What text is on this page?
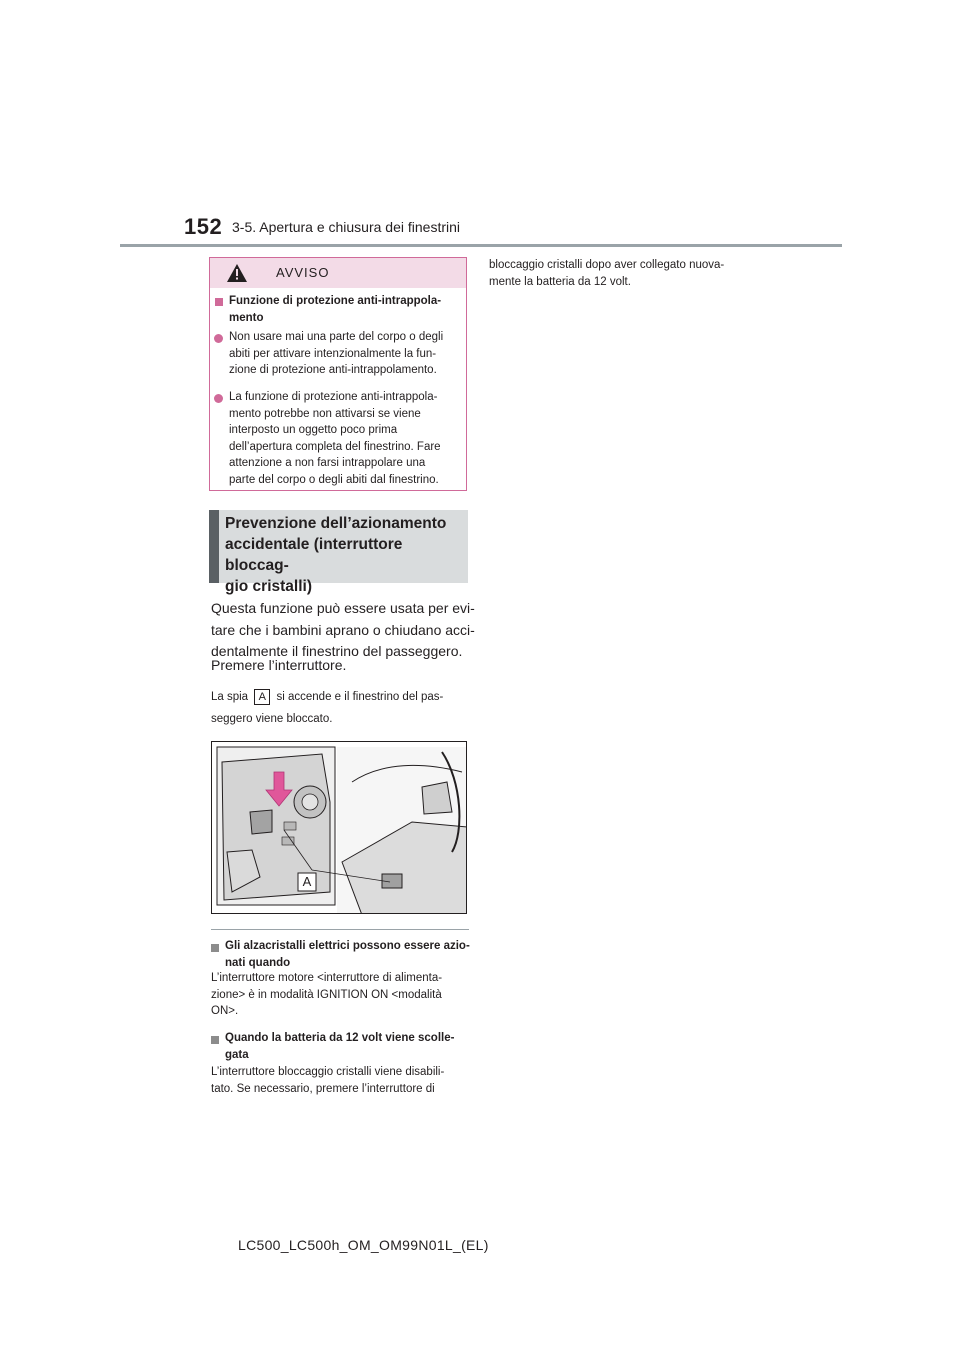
152 3-5. Apertura e chiusura dei finestrini
AVVISO
Funzione di protezione anti-intrappola-
mento
Non usare mai una parte del corpo o degli
abiti per attivare intenzionalmente la fun-
zione di protezione anti-intrappolamento.
La funzione di protezione anti-intrappola-
mento potrebbe non attivarsi se viene
interposto un oggetto poco prima
dell’apertura completa del finestrino. Fare
attenzione a non farsi intrappolare una
parte del corpo o degli abiti dal finestrino.
Prevenzione dell’azionamento
accidentale (interruttore bloccag-
gio cristalli)
Questa funzione può essere usata per evi-
tare che i bambini aprano o chiudano acci-
dentalmente il finestrino del passeggero.
Premere l’interruttore.
La spia A si accende e il finestrino del pas-
seggero viene bloccato.
A
Gli alzacristalli elettrici possono essere azio-
nati quando
L’interruttore motore <interruttore di alimenta-
zione> è in modalità IGNITION ON <modalità
ON>.
Quando la batteria da 12 volt viene scolle-
gata
L’interruttore bloccaggio cristalli viene disabili-
tato. Se necessario, premere l’interruttore di
bloccaggio cristalli dopo aver collegato nuova-
mente la batteria da 12 volt.
LC500_LC500h_OM_OM99N01L_(EL)
